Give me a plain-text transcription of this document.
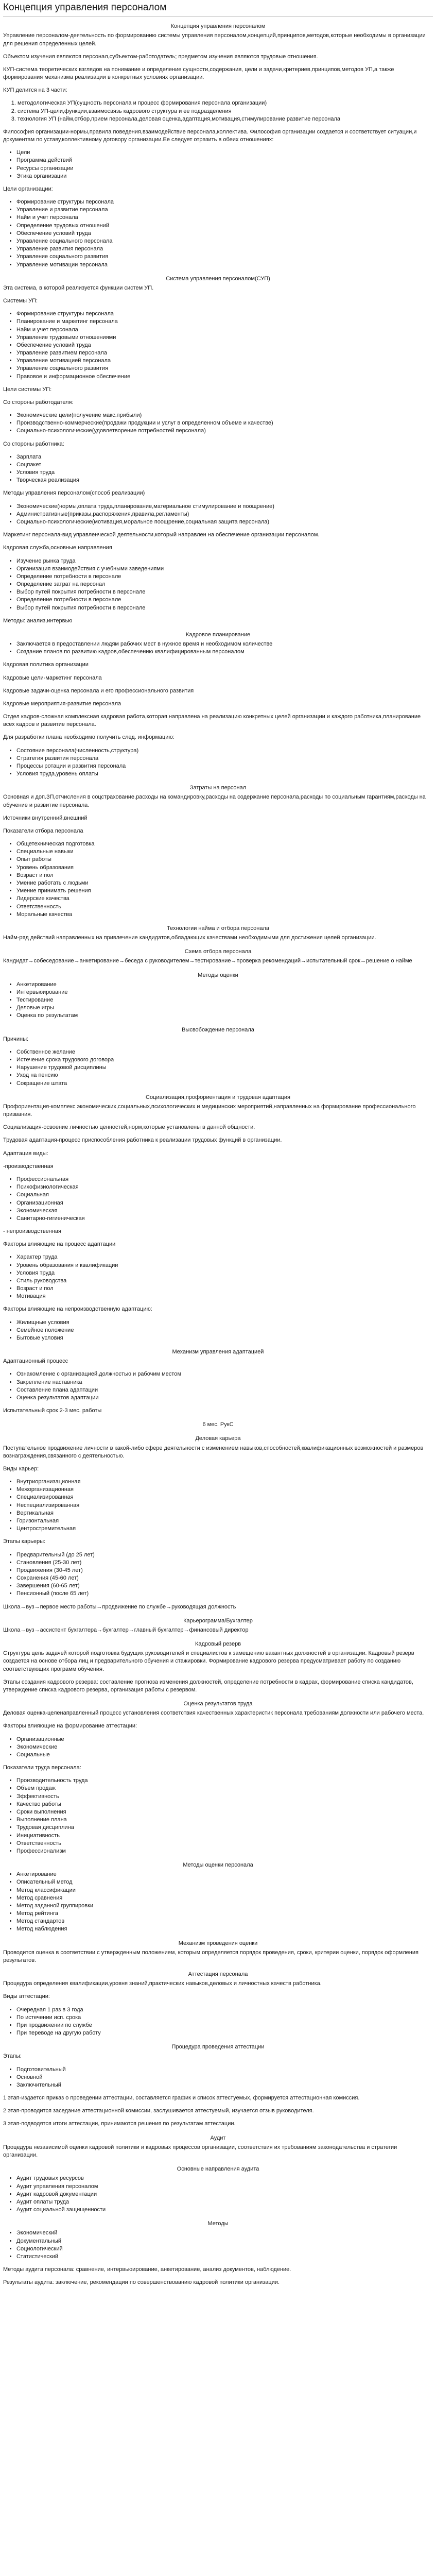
Концепция управления персоналом
Концепция управления персоналом

Управление персоналом-деятельность по формированию системы управления персоналом,концепций,принципов,методов,которые необходимы в организации для решения определенных целей.

Объектом изучения являются персонал,субъектом-работодатель; предметом изучения являются трудовые отношения.

КУП-система теоретических взглядов на понимание и определение сущности,содержания, цели и задачи,критериев,принципов,методов УП,а также формирования механизма реализации в конкретных условиях организации.

КУП делится на 3 части:

1. методологическая УП(сущность персонала и процесс формирования персонала организации)
2. система УП-цели,функции,взаимосвязь кадрового структура и ее подразделения
3. технология УП (найм,отбор,прием персонала,деловая оценка,адаптация,мотивация,стимулирование развитие персонала

Философия организации-нормы,правила поведения,взаимодействие персонала,коллектива. Философия организации создается и соответствует ситуации,и документам по уставу,коллективному договору организации.Ее следует отразить в обеих отношениях:

• Цели
• Программа действий
• Ресурсы организации
• Этика организации

Цели организации:

• Формирование структуры персонала
• Управление и развитие персонала
• Найм и учет персонала
• Определение трудовых отношений
• Обеспечение условий труда
• Управление социального персонала
• Управление развития персонала
• Управление социального развития
• Управление мотивации персонала
Система управления персоналом(СУП)

Эта система, в которой реализуется функции систем УП.

Системы УП:

• Формирование структуры персонала
• Планирование и маркетинг персонала
• Найм и учет персонала
• Управление трудовыми отношениями
• Обеспечение условий труда
• Управление развитием персонала
• Управление мотивацией персонала
• Управление социального развития
• Правовое и информационное обеспечение

Цели системы УП:

Со стороны работодателя:

• Экономические цели(получение макс.прибыли)
• Производственно-коммерческие(продажи продукции и услуг в определенном объеме и качестве)
• Социально-психологические(удовлетворение потребностей персонала)

Со стороны работника:

• Зарплата
• Соцпакет
• Условия труда
• Творческая реализация

Методы управления персоналом(способ реализации)

• Экономические(нормы,оплата труда,планирование,материальное стимулирование и поощрение)
• Административные(приказы,распоряжения,правила,регламенты)
• Социально-психологические(мотивация,моральное поощрение,социальная защита персонала)

Маркетинг персонала-вид управленческой деятельности,который направлен на обеспечение организации персоналом.

Кадровая служба,основные направления

• Изучение рынка труда
• Организация взаимодействия с учебными заведениями
• Определение потребности в персонале
• Определение затрат на персонал
• Выбор путей покрытия потребности в персонале
• Определение потребности в персонале
• Выбор путей покрытия потребности в персонале

Методы: анализ,интервью

Кадровое планирование
• Заключается в предоставлении людям рабочих мест в нужное время и необходимом количестве
• Создание планов по развитию кадров,обеспечению квалифицированным персоналом

Кадровая политика организации

Кадровые цели-маркетинг персонала

Кадровые задачи-оценка персонала и его профессионального развития

Кадровые мероприятия-развитие персонала

Отдел кадров-сложная комплексная кадровая работа,которая направлена на реализацию конкретных целей организации и каждого работника,планирование всех кадров и развитие персонала.

Для разработки плана необходимо получить след. информацию:

• Состояние персонала(численность,структура)
• Стратегия развития персонала
• Процессы ротации и развития персонала
• Условия труда,уровень оплаты
Затраты на персонал

Основная и доп.ЗП,отчисления в соцстрахование,расходы на командировку,расходы на содержание персонала,расходы по социальным гарантиям,расходы на обучение и развитие персонала.

Источники внутренний,внешний

Показатели отбора персонала

• Общетехническая подготовка
• Специальные навыки
• Опыт работы
• Уровень образования
• Возраст и пол
• Умение работать с людьми
• Умение принимать решения
• Лидерские качества
• Ответственность
• Моральные качества
Технологии найма и отбора персонала

Найм-ряд действий направленных на привлечение кандидатов,обладающих качествами необходимыми для достижения целей организации.

Схема отбора персонала

Кандидат→собеседование→анкетирование→беседа с руководителем→тестирование→проверка рекомендаций→испытательный срок→решение о найме

Методы оценки
• Анкетирование
• Интервьюирование
• Тестирование
• Деловые игры
• Оценка по результатам
Высвобождение персонала

Причины:

• Собственное желание
• Истечение срока трудового договора
• Нарушение трудовой дисциплины
• Уход на пенсию
• Сокращение штата
Социализация,профориентация и трудовая адаптация

Профориентация-комплекс экономических,социальных,психологических и медицинских мероприятий,направленных на формирование профессионального призвания.

Социализация-освоение личностью ценностей,норм,которые установлены в данной общности.

Трудовая адаптация-процесс приспособления работника к реализации трудовых функций в организации.

Адаптация виды:

-производственная

• Профессиональная
• Психофизиологическая
• Социальная
• Организационная
• Экономическая
• Санитарно-гигиеническая

- непроизводственная

Факторы влияющие на процесс адаптации

• Характер труда
• Уровень образования и квалификации
• Условия труда
• Стиль руководства
• Возраст и пол
• Мотивация

Факторы влияющие на непроизводственную адаптацию:

• Жилищные условия
• Семейное положение
• Бытовые условия
Механизм управления адаптацией

Адаптационный процесс

• Ознакомление с организацией,должностью и рабочим местом
• Закрепление наставника
• Составление плана адаптации
• Оценка результатов адаптации

Испытательный срок 2-3 мес. работы

6 мес. РукС
Деловая карьера

Поступательное продвижение личности в какой-либо сфере деятельности с изменением навыков,способностей,квалификационных возможностей и размеров вознаграждения,связанного с деятельностью.

Виды карьер:

• Внутриорганизационная
• Межорганизационная
• Специализированная
• Неспециализированная
• Вертикальная
• Горизонтальная
• Центростремительная

Этапы карьеры:

• Предварительный (до 25 лет)
• Становления (25-30 лет)
• Продвижения (30-45 лет)
• Сохранения (45-60 лет)
• Завершения (60-65 лет)
• Пенсионный (после 65 лет)

Школа→вуз→первое место работы→продвижение по службе→руководящая должность

Карьерограмма/Бухгалтер

Школа→вуз→ассистент бухгалтера→бухгалтер→главный бухгалтер→финансовый директор

Кадровый резерв

Структура цель задачей которой подготовка будущих руководителей и специалистов к замещению вакантных должностей в организации. Кадровый резерв создается на основе отбора лиц и предварительного обучения и стажировки. Формирование кадрового резерва предусматривает работу по созданию соответствующих программ обучения.

Этапы создания кадрового резерва: составление прогноза изменения должностей, определение потребности в кадрах, формирование списка кандидатов, утверждение списка кадрового резерва, организация работы с резервом.

Оценка результатов труда

Деловая оценка-целенаправленный процесс установления соответствия качественных характеристик персонала требованиям должности или рабочего места.

Факторы влияющие на формирование аттестации:

• Организационные
• Экономические
• Социальные

Показатели труда персонала:

• Производительность труда
• Объем продаж
• Эффективность
• Качество работы
• Сроки выполнения
• Выполнение плана
• Трудовая дисциплина
• Инициативность
• Ответственность
• Профессионализм
Методы оценки персонала
• Анкетирование
• Описательный метод
• Метод классификации
• Метод сравнения
• Метод заданной группировки
• Метод рейтинга
• Метод стандартов
• Метод наблюдения
Механизм проведения оценки

Проводится оценка в соответствии с утвержденным положением, которым определяется порядок проведения, сроки, критерии оценки, порядок оформления результатов.

Аттестация персонала

Процедура определения квалификации,уровня знаний,практических навыков,деловых и личностных качеств работника.

Виды аттестации:

• Очередная 1 раз в 3 года
• По истечении исп. срока
• При продвижении по службе
• При переводе на другую работу
Процедура проведения аттестации

Этапы:

• Подготовительный
• Основной
• Заключительный

1 этап-издается приказ о проведении аттестации, составляется график и список аттестуемых, формируется аттестационная комиссия.

2 этап-проводится заседание аттестационной комиссии, заслушивается аттестуемый, изучается отзыв руководителя.

3 этап-подводятся итоги аттестации, принимаются решения по результатам аттестации.

Аудит

Процедура независимой оценки кадровой политики и кадровых процессов организации, соответствия их требованиям законодательства и стратегии организации.

Основные направления аудита
• Аудит трудовых ресурсов
• Аудит управления персоналом
• Аудит кадровой документации
• Аудит оплаты труда
• Аудит социальной защищенности
Методы
• Экономический
• Документальный
• Социологический
• Статистический

Методы аудита персонала: сравнение, интервьюирование, анкетирование, анализ документов, наблюдение.

Результаты аудита: заключение, рекомендации по совершенствованию кадровой политики организации.
